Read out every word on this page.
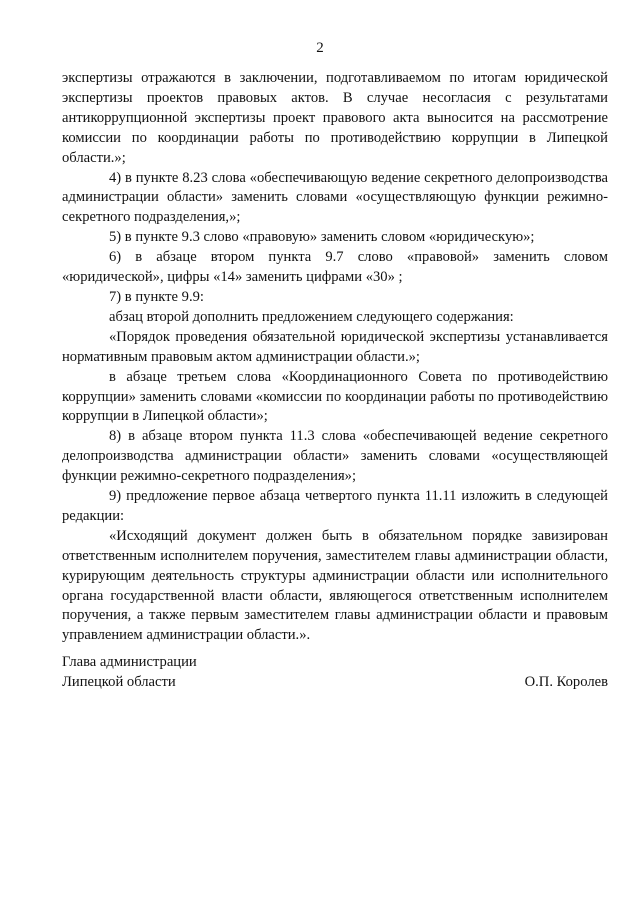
2

экспертизы отражаются в заключении, подготавливаемом по итогам юридической экспертизы проектов правовых актов. В случае несогласия с результатами антикоррупционной экспертизы проект правового акта выносится на рассмотрение комиссии по координации работы по противодействию коррупции в Липецкой области.»;

4) в пункте 8.23 слова «обеспечивающую ведение секретного делопроизводства администрации области» заменить словами «осуществляющую функции режимно-секретного подразделения,»;

5) в пункте 9.3 слово «правовую» заменить словом «юридическую»;

6) в абзаце втором пункта 9.7 слово «правовой» заменить словом «юридической», цифры «14» заменить цифрами «30» ;

7) в пункте 9.9:

абзац второй дополнить предложением следующего содержания:

«Порядок проведения обязательной юридической экспертизы устанавливается нормативным правовым актом администрации области.»;

в абзаце третьем слова «Координационного Совета по противодействию коррупции» заменить словами «комиссии по координации работы по противодействию коррупции в Липецкой области»;

8) в абзаце втором пункта 11.3 слова «обеспечивающей ведение секретного делопроизводства администрации области» заменить словами «осуществляющей функции режимно-секретного подразделения»;

9) предложение первое абзаца четвертого пункта 11.11 изложить в следующей редакции:

«Исходящий документ должен быть в обязательном порядке завизирован ответственным исполнителем поручения, заместителем главы администрации области, курирующим деятельность структуры администрации области или исполнительного органа государственной власти области, являющегося ответственным исполнителем поручения, а также первым заместителем главы администрации области и правовым управлением администрации области.».

Глава администрации
Липецкой области	О.П. Королев
